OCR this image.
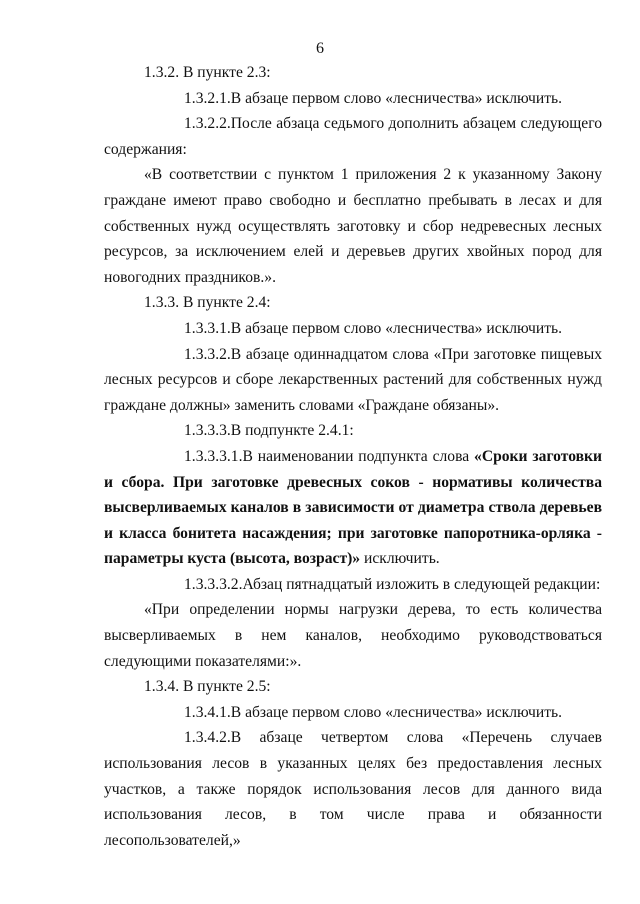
6

1.3.2. В пункте 2.3:

1.3.2.1.В абзаце первом слово «лесничества» исключить.

1.3.2.2.После абзаца седьмого дополнить абзацем следующего содержания:

«В соответствии с пунктом 1 приложения 2 к указанному Закону граждане имеют право свободно и бесплатно пребывать в лесах и для собственных нужд осуществлять заготовку и сбор недревесных лесных ресурсов, за исключением елей и деревьев других хвойных пород для новогодних праздников.».

1.3.3. В пункте 2.4:

1.3.3.1.В абзаце первом слово «лесничества» исключить.

1.3.3.2.В абзаце одиннадцатом слова «При заготовке пищевых лесных ресурсов и сборе лекарственных растений для собственных нужд граждане должны» заменить словами «Граждане обязаны».

1.3.3.3.В подпункте 2.4.1:

1.3.3.3.1.В наименовании подпункта слова «Сроки заготовки и сбора. При заготовке древесных соков - нормативы количества высверливаемых каналов в зависимости от диаметра ствола деревьев и класса бонитета насаждения; при заготовке папоротника-орляка - параметры куста (высота, возраст)» исключить.

1.3.3.3.2.Абзац пятнадцатый изложить в следующей редакции:

«При определении нормы нагрузки дерева, то есть количества высверливаемых в нем каналов, необходимо руководствоваться следующими показателями:».

1.3.4. В пункте 2.5:

1.3.4.1.В абзаце первом слово «лесничества» исключить.

1.3.4.2.В абзаце четвертом слова «Перечень случаев использования лесов в указанных целях без предоставления лесных участков, а также порядок использования лесов для данного вида использования лесов, в том числе права и обязанности лесопользователей,»
